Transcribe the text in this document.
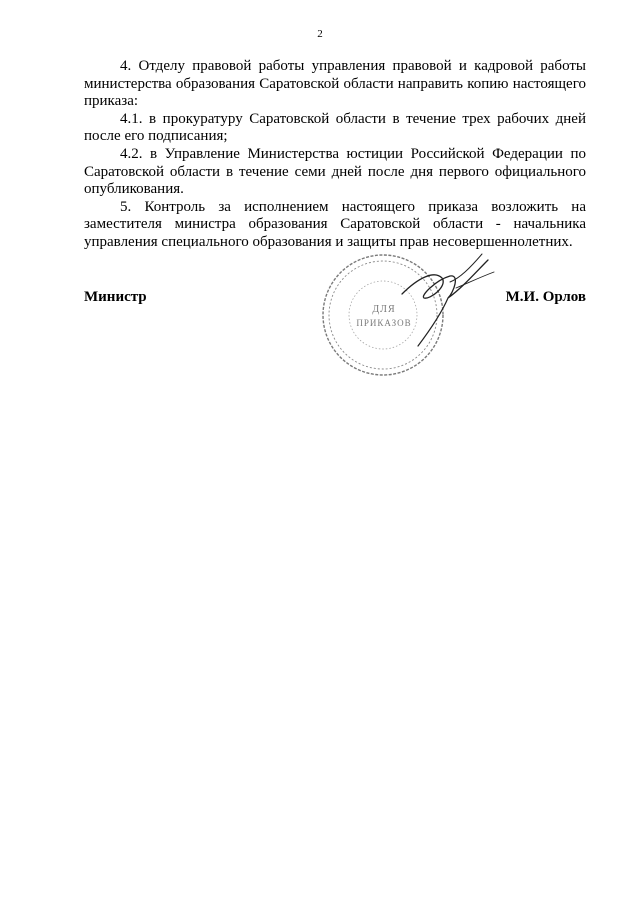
2

4. Отделу правовой работы управления правовой и кадровой работы министерства образования Саратовской области направить копию настоящего приказа:

4.1. в прокуратуру Саратовской области в течение трех рабочих дней после его подписания;

4.2. в Управление Министерства юстиции Российской Федерации по Саратовской области в течение семи дней после дня первого официального опубликования.

5. Контроль за исполнением настоящего приказа возложить на заместителя министра образования Саратовской области - начальника управления специального образования и защиты прав несовершеннолетних.

Министр	М.И. Орлов
ДЛЯ
ПРИКАЗОВ
